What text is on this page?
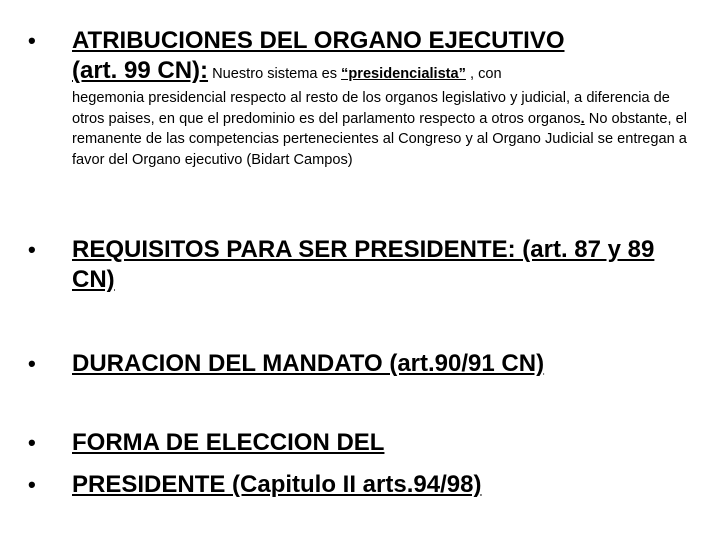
• ATRIBUCIONES DEL ORGANO EJECUTIVO
(art. 99 CN): Nuestro sistema es “presidencialista” , con
hegemonia presidencial respecto al resto de los organos legislativo y judicial, a diferencia de otros paises, en que el predominio es del parlamento respecto a otros organos. No obstante, el remanente de las competencias pertenecientes al Congreso y al Organo Judicial se entregan a favor del Organo ejecutivo (Bidart Campos)
• REQUISITOS PARA SER PRESIDENTE: (art. 87 y 89 CN)
• DURACION DEL MANDATO (art.90/91 CN)
• FORMA DE ELECCION DEL
• PRESIDENTE (Capitulo II arts.94/98)
